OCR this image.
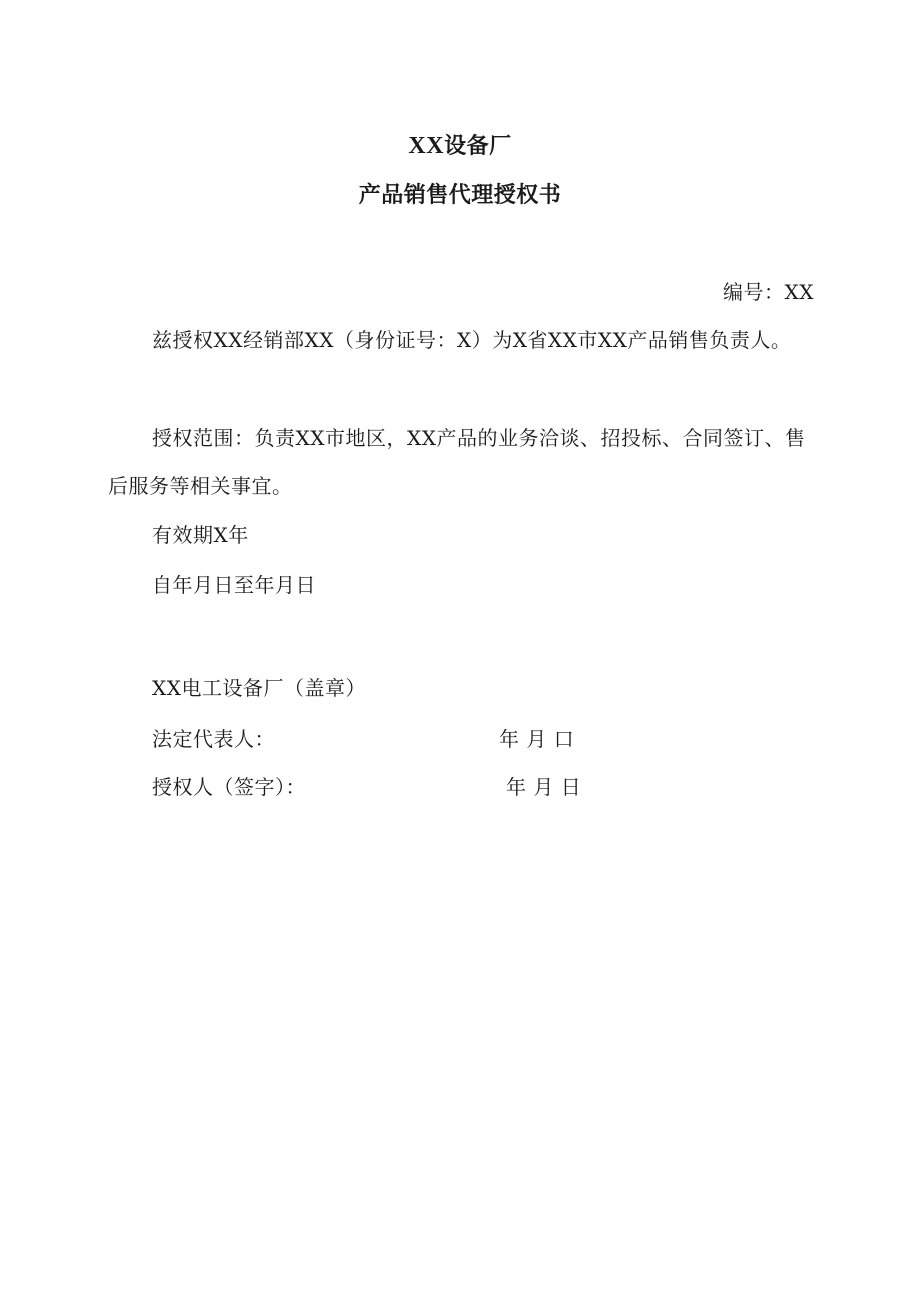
XX设备厂
产品销售代理授权书
编号：XX

兹授权XX经销部XX（身份证号：X）为X省XX市XX产品销售负责人。

授权范围：负责XX市地区，XX产品的业务洽谈、招投标、合同签订、售后服务等相关事宜。

有效期X年
自年月日至年月日
XX电工设备厂（盖章）
法定代表人：	年 月 口
授权人（签字）：	年 月 日
